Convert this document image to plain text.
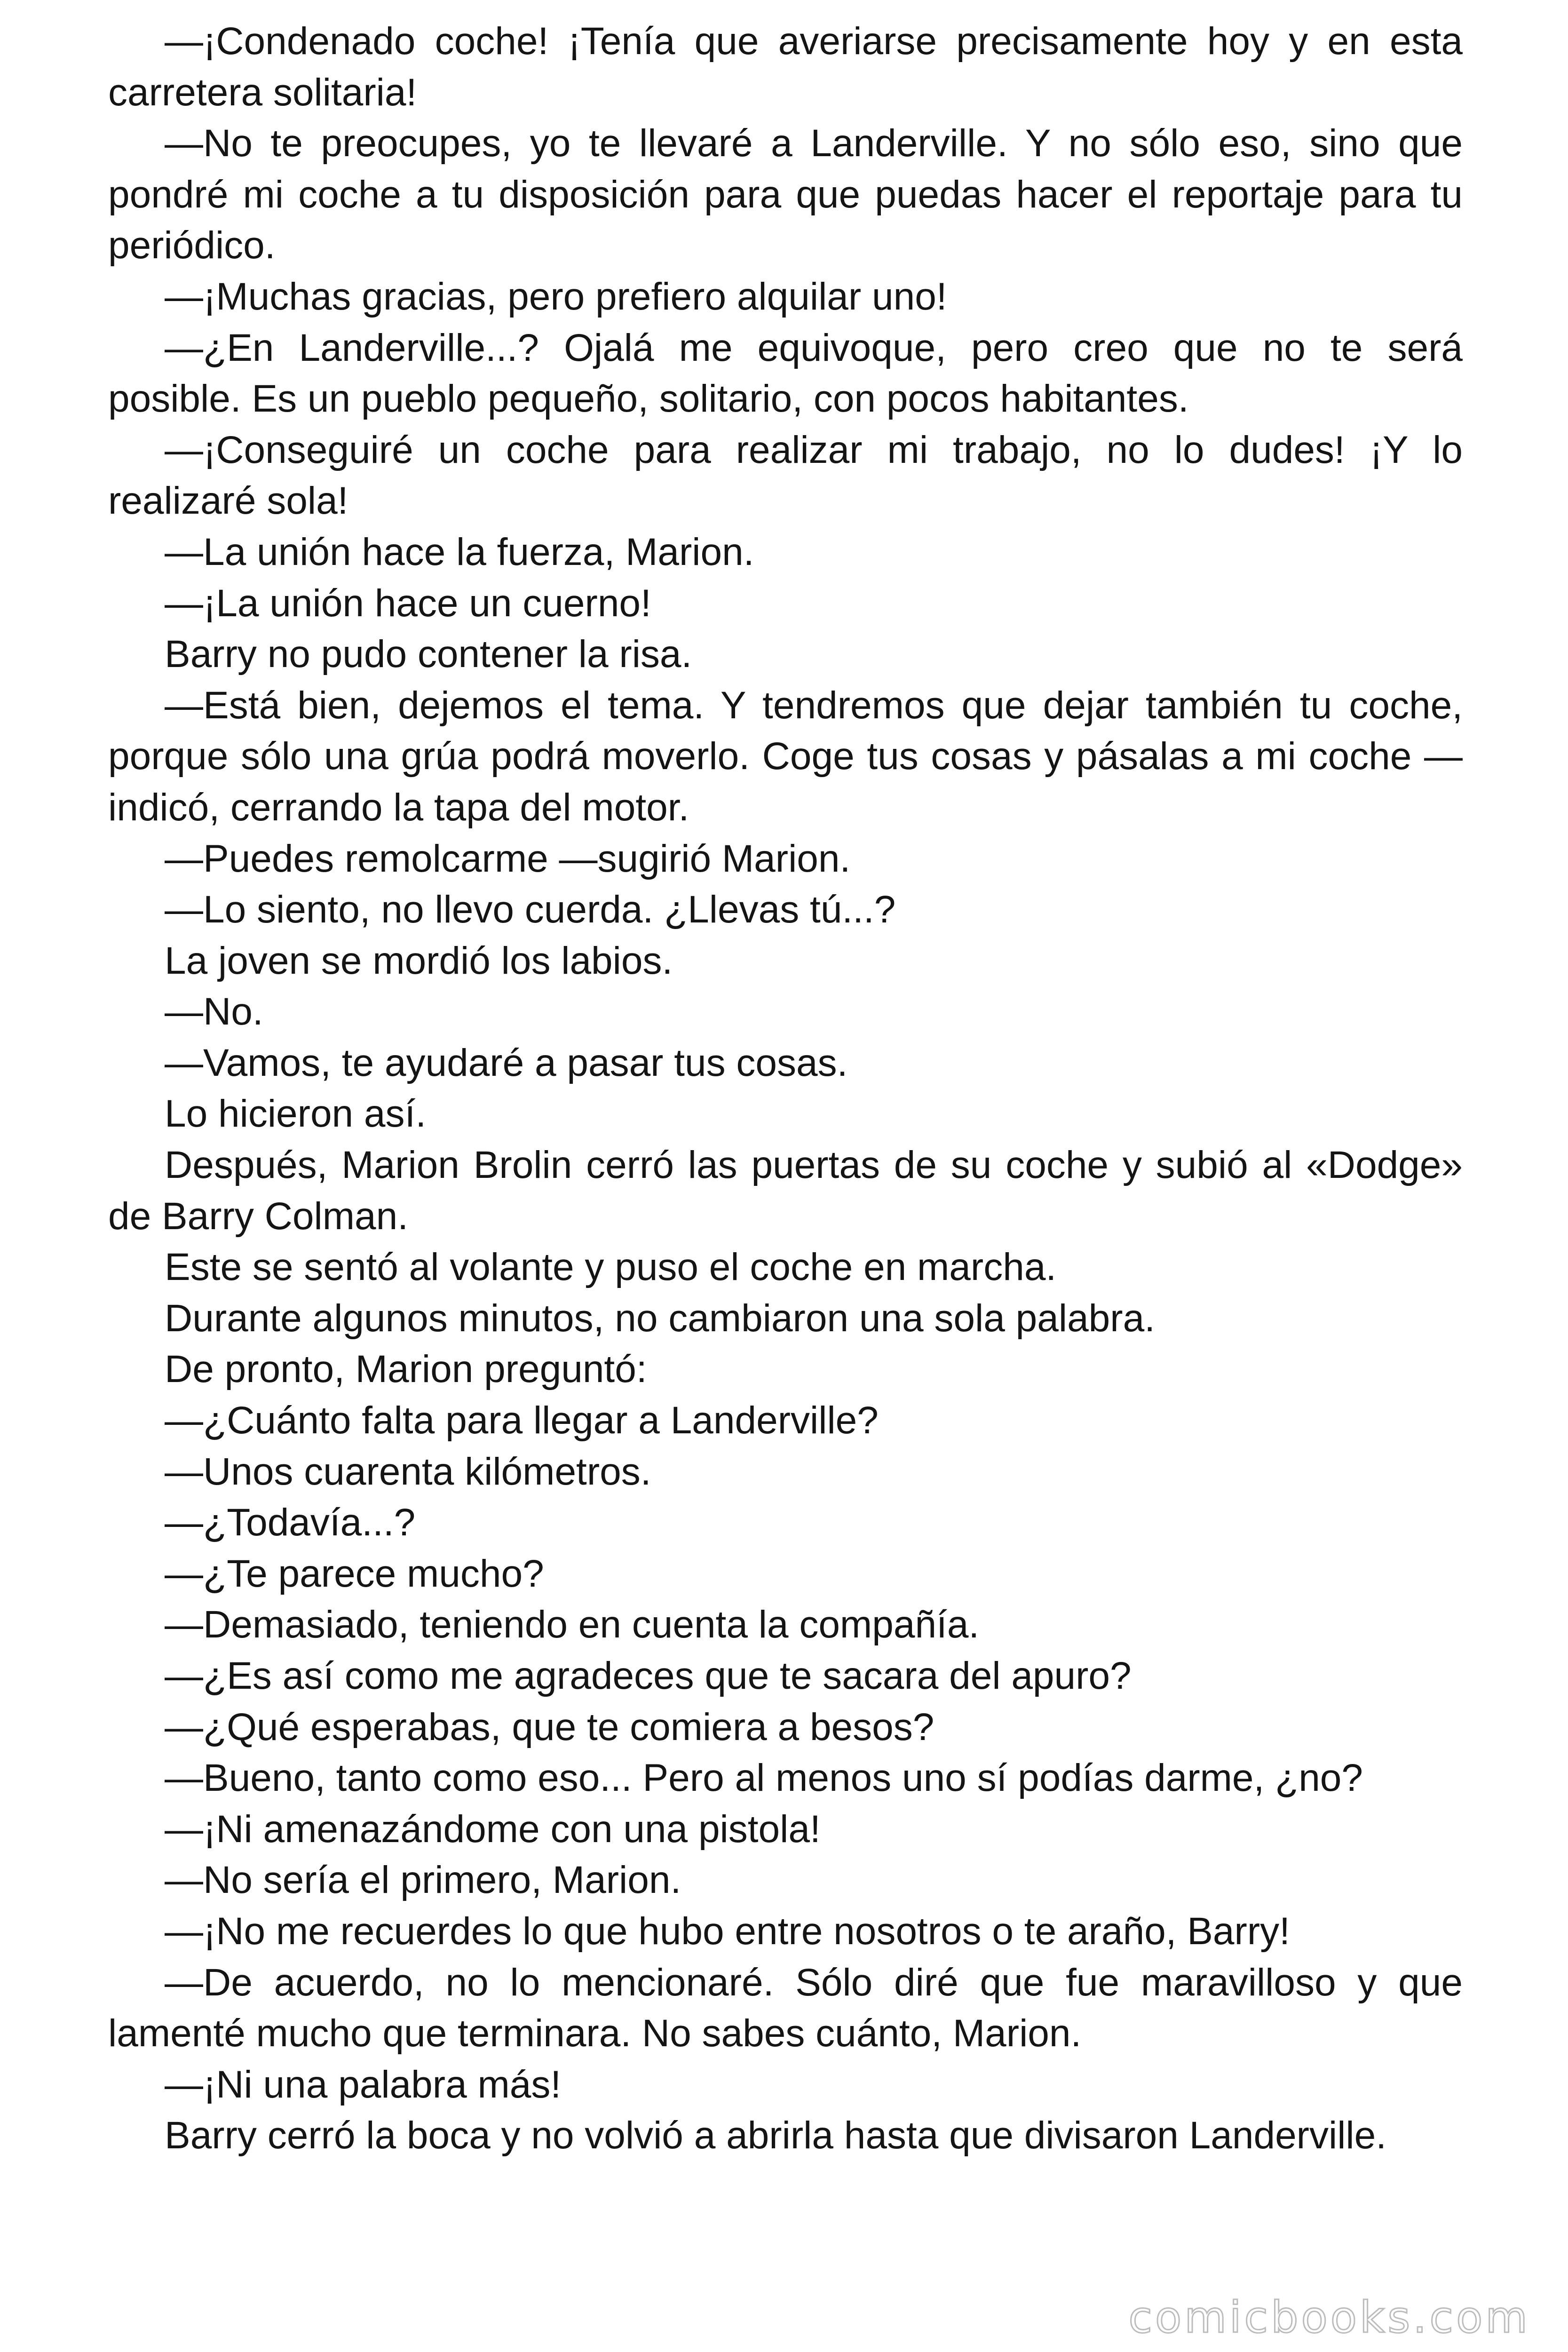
—¡Condenado coche! ¡Tenía que averiarse precisamente hoy y en esta carretera solitaria!

—No te preocupes, yo te llevaré a Landerville. Y no sólo eso, sino que pondré mi coche a tu disposición para que puedas hacer el reportaje para tu periódico.

—¡Muchas gracias, pero prefiero alquilar uno!

—¿En Landerville...? Ojalá me equivoque, pero creo que no te será posible. Es un pueblo pequeño, solitario, con pocos habitantes.

—¡Conseguiré un coche para realizar mi trabajo, no lo dudes! ¡Y lo realizaré sola!

—La unión hace la fuerza, Marion.

—¡La unión hace un cuerno!

Barry no pudo contener la risa.

—Está bien, dejemos el tema. Y tendremos que dejar también tu coche, porque sólo una grúa podrá moverlo. Coge tus cosas y pásalas a mi coche —indicó, cerrando la tapa del motor.

—Puedes remolcarme —sugirió Marion.

—Lo siento, no llevo cuerda. ¿Llevas tú...?

La joven se mordió los labios.

—No.

—Vamos, te ayudaré a pasar tus cosas.

Lo hicieron así.

Después, Marion Brolin cerró las puertas de su coche y subió al «Dodge» de Barry Colman.

Este se sentó al volante y puso el coche en marcha.

Durante algunos minutos, no cambiaron una sola palabra.

De pronto, Marion preguntó:

—¿Cuánto falta para llegar a Landerville?

—Unos cuarenta kilómetros.

—¿Todavía...?

—¿Te parece mucho?

—Demasiado, teniendo en cuenta la compañía.

—¿Es así como me agradeces que te sacara del apuro?

—¿Qué esperabas, que te comiera a besos?

—Bueno, tanto como eso... Pero al menos uno sí podías darme, ¿no?

—¡Ni amenazándome con una pistola!

—No sería el primero, Marion.

—¡No me recuerdes lo que hubo entre nosotros o te araño, Barry!

—De acuerdo, no lo mencionaré. Sólo diré que fue maravilloso y que lamenté mucho que terminara. No sabes cuánto, Marion.

—¡Ni una palabra más!

Barry cerró la boca y no volvió a abrirla hasta que divisaron Landerville.

comicbooks.com
